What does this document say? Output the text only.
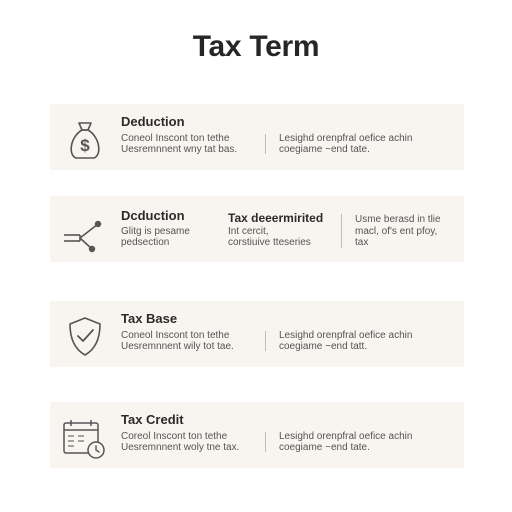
Tax Term
$
Deduction
Coneol Inscont ton tethe
Uesremnnent wny tat bas.
Lesighd orenpfral oefice achin
coegiame ~end tate.
Dcduction
Glitg is pesame
pedsection
Tax deeermirited
Int cercit,
corstiuive tteseries
Usme berasd in tlie
macl, of's ent pfoy,
tax
Tax Base
Coneol Inscont ton tethe
Uesremnnent wily tot tae.
Lesighd orenpfral oefice achin
coegiame ~end tatt.
Tax Credit
Coreol Inscont ton tethe
Uesremnnent woly tne tax.
Lesighd orenpfral oefice achin
coegiame ~end tate.
